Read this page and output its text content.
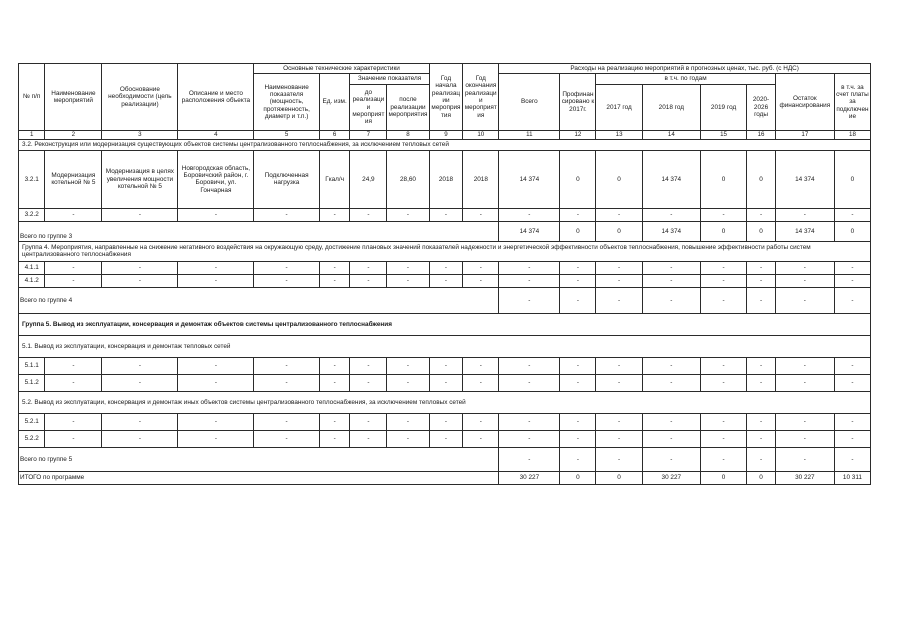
№ п/п	Наименование мероприятий	Обоснование необходимости (цель реализации)	Описание и место расположения объекта	Основные технические характеристики				Год начала реализации мероприятия	Год окончания реализации мероприятия	Расходы на реализацию мероприятий в прогнозных ценах, тыс. руб. (с НДС)							
				Наименование показателя (мощность, протяженность, диаметр и т.п.)	Ед. изм.	Значение показателя				Всего	Профинансировано к 2017г.	в т.ч. по годам				Остаток финансирования	в т.ч. за счет платы за подключение
						до реализации мероприятия	после реализации мероприятия					2017 год	2018 год	2019 год	2020-2026 годы		

1	2	3	4	5	6	7	8	9	10	11	12	13	14	15	16	17	18
3.2. Реконструкция или модернизация существующих объектов системы централизованного теплоснабжения, за исключением тепловых сетей																	
3.2.1	Модернизация котельной № 5	Модернизация в целях увеличения мощности котельной № 5	Новгородская область, Боровичский район, г. Боровичи, ул. Гончарная	Подключенная нагрузка	Гкал/ч	24,9	28,60	2018	2018	14 374	0	0	14 374	0	0	14 374	0
3.2.2	-	-	-	-	-	-	-	-	-	-	-	-	-	-	-	-	-
Всего по группе 3										14 374	0	0	14 374	0	0	14 374	0
Группа 4. Мероприятия, направленные на снижение негативного воздействия на окружающую среду, достижение плановых значений показателей надежности и энергетической эффективности объектов теплоснабжения, повышение эффективности работы систем централизованного теплоснабжения																	
4.1.1	-	-	-	-	-	-	-	-	-	-	-	-	-	-	-	-	-
4.1.2	-	-	-	-	-	-	-	-	-	-	-	-	-	-	-	-	-
Всего по группе 4										-	-	-	-	-	-	-	-
Группа 5. Вывод из эксплуатации, консервация и демонтаж объектов системы централизованного теплоснабжения																	
5.1. Вывод из эксплуатации, консервация и демонтаж тепловых сетей																	
5.1.1	-	-	-	-	-	-	-	-	-	-	-	-	-	-	-	-	-
5.1.2	-	-	-	-	-	-	-	-	-	-	-	-	-	-	-	-	-
5.2. Вывод из эксплуатации, консервация и демонтаж иных объектов системы централизованного теплоснабжения, за исключением тепловых сетей																	
5.2.1	-	-	-	-	-	-	-	-	-	-	-	-	-	-	-	-	-
5.2.2	-	-	-	-	-	-	-	-	-	-	-	-	-	-	-	-	-
Всего по группе 5										-	-	-	-	-	-	-	-
ИТОГО по программе										30 227	0	0	30 227	0	0	30 227	10 311
